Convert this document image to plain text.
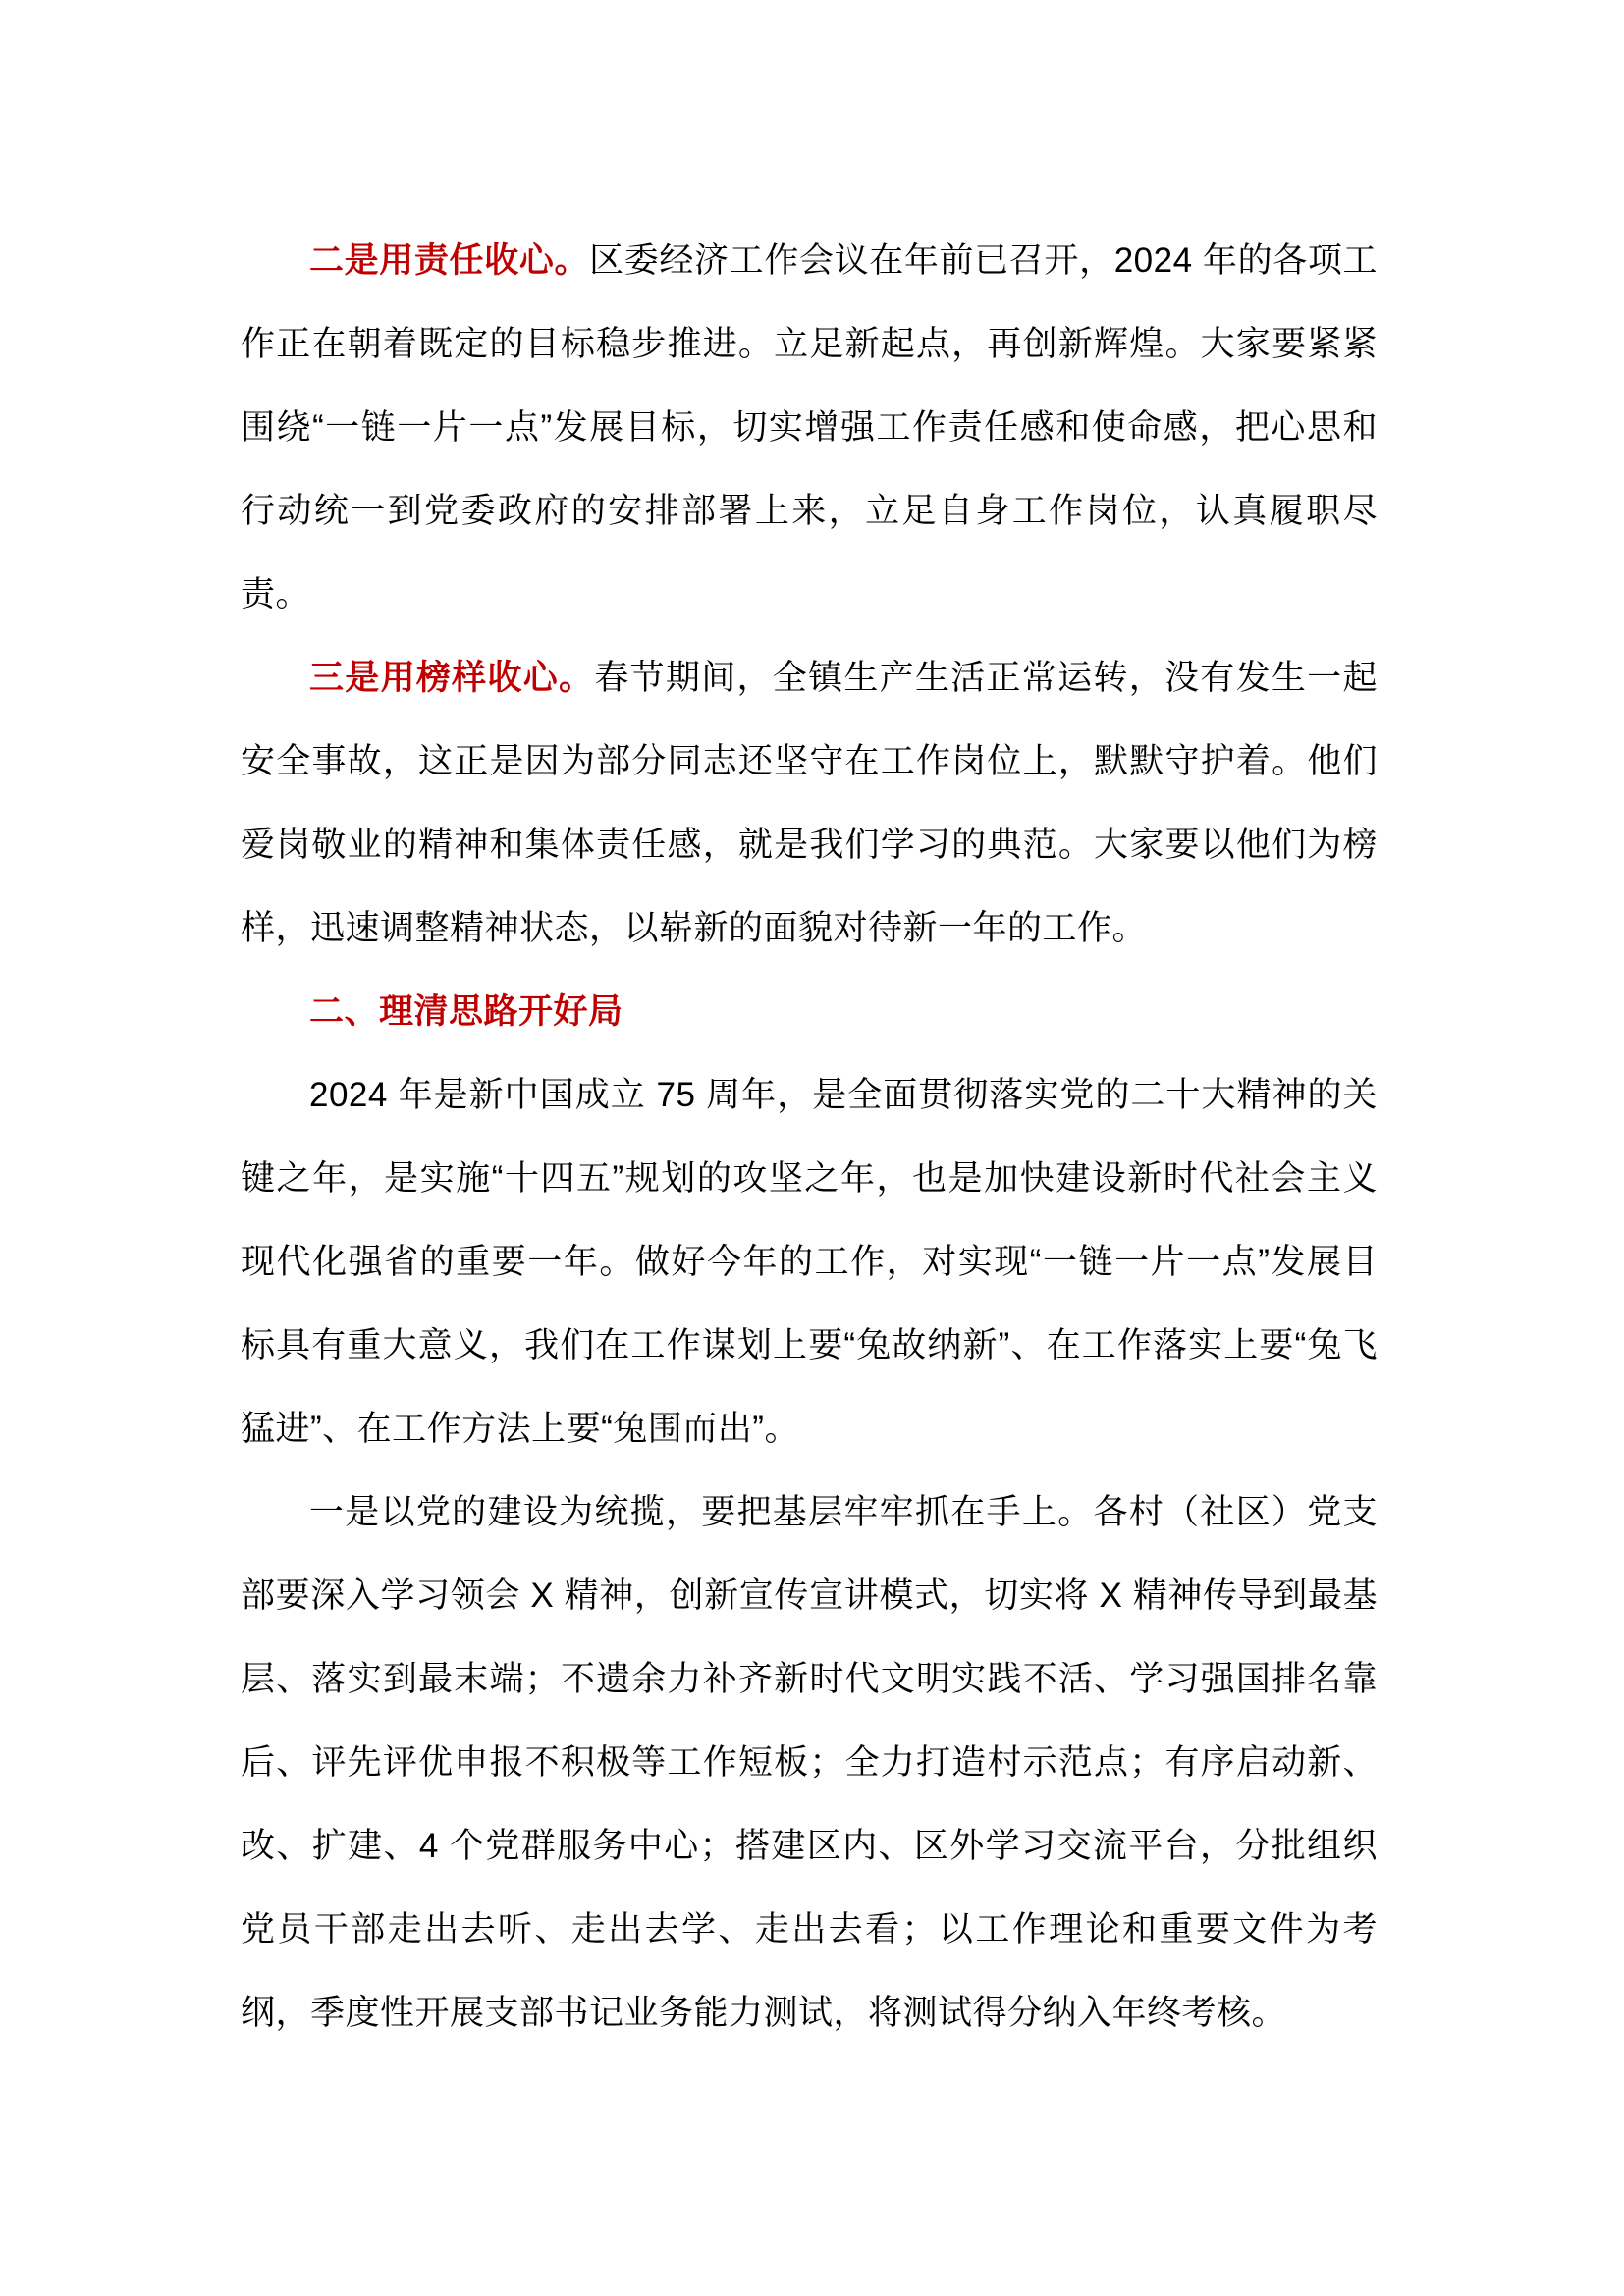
二是用责任收心。区委经济工作会议在年前已召开，2024 年的各项工作正在朝着既定的目标稳步推进。立足新起点，再创新辉煌。大家要紧紧围绕“一链一片一点”发展目标，切实增强工作责任感和使命感，把心思和行动统一到党委政府的安排部署上来，立足自身工作岗位，认真履职尽责。

三是用榜样收心。春节期间，全镇生产生活正常运转，没有发生一起安全事故，这正是因为部分同志还坚守在工作岗位上，默默守护着。他们爱岗敬业的精神和集体责任感，就是我们学习的典范。大家要以他们为榜样，迅速调整精神状态，以崭新的面貌对待新一年的工作。

二、理清思路开好局

2024 年是新中国成立 75 周年，是全面贯彻落实党的二十大精神的关键之年，是实施“十四五”规划的攻坚之年，也是加快建设新时代社会主义现代化强省的重要一年。做好今年的工作，对实现“一链一片一点”发展目标具有重大意义，我们在工作谋划上要“兔故纳新”、在工作落实上要“兔飞猛进”、在工作方法上要“兔围而出”。

一是以党的建设为统揽，要把基层牢牢抓在手上。各村（社区）党支部要深入学习领会 X 精神，创新宣传宣讲模式，切实将 X 精神传导到最基层、落实到最末端；不遗余力补齐新时代文明实践不活、学习强国排名靠后、评先评优申报不积极等工作短板；全力打造村示范点；有序启动新、改、扩建、4 个党群服务中心；搭建区内、区外学习交流平台，分批组织党员干部走出去听、走出去学、走出去看；以工作理论和重要文件为考纲，季度性开展支部书记业务能力测试，将测试得分纳入年终考核。
